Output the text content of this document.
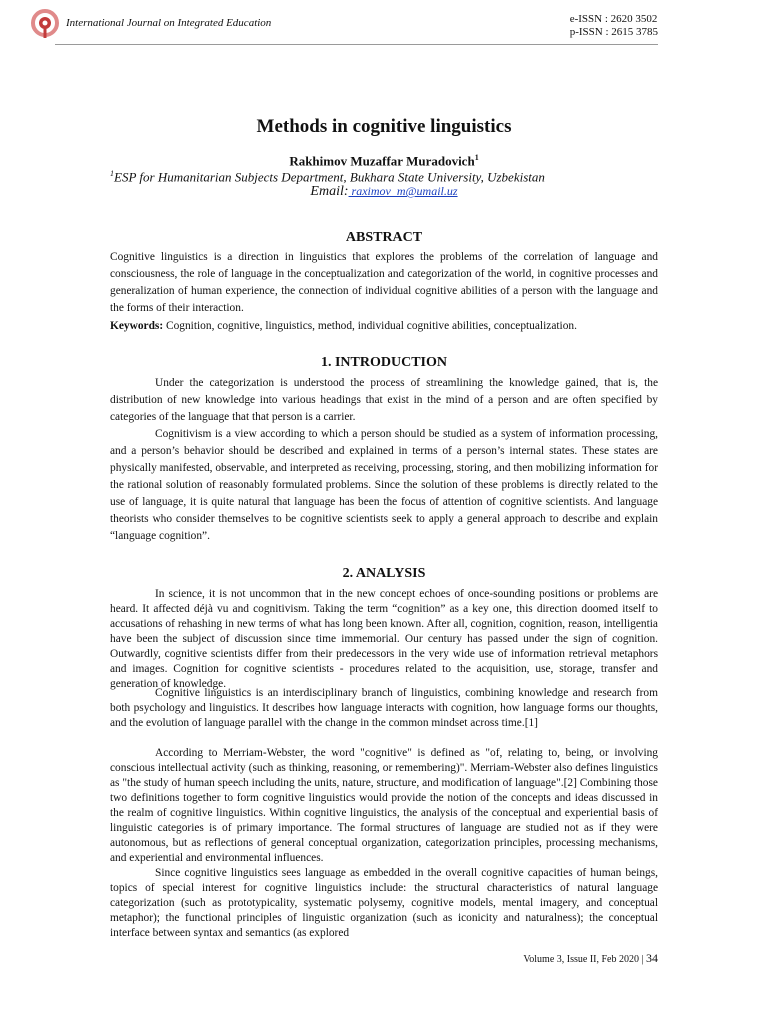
International Journal on Integrated Education	e-ISSN : 2620 3502
p-ISSN : 2615 3785
Methods in cognitive linguistics
Rakhimov Muzaffar Muradovich$^1$
$^1$ESP for Humanitarian Subjects Department, Bukhara State University, Uzbekistan
Email: raximov_m@umail.uz
ABSTRACT

Cognitive linguistics is a direction in linguistics that explores the problems of the correlation of language and consciousness, the role of language in the conceptualization and categorization of the world, in cognitive processes and generalization of human experience, the connection of individual cognitive abilities of a person with the language and the forms of their interaction.

Keywords: Cognition, cognitive, linguistics, method, individual cognitive abilities, conceptualization.

1. INTRODUCTION

Under the categorization is understood the process of streamlining the knowledge gained, that is, the distribution of new knowledge into various headings that exist in the mind of a person and are often specified by categories of the language that that person is a carrier.

Cognitivism is a view according to which a person should be studied as a system of information processing, and a person’s behavior should be described and explained in terms of a person’s internal states. These states are physically manifested, observable, and interpreted as receiving, processing, storing, and then mobilizing information for the rational solution of reasonably formulated problems. Since the solution of these problems is directly related to the use of language, it is quite natural that language has been the focus of attention of cognitive scientists. And language theorists who consider themselves to be cognitive scientists seek to apply a general approach to describe and explain “language cognition”.

2. ANALYSIS

In science, it is not uncommon that in the new concept echoes of once-sounding positions or problems are heard. It affected déjà vu and cognitivism. Taking the term “cognition” as a key one, this direction doomed itself to accusations of rehashing in new terms of what has long been known. After all, cognition, cognition, reason, intelligentia have been the subject of discussion since time immemorial. Our century has passed under the sign of cognition. Outwardly, cognitive scientists differ from their predecessors in the very wide use of information retrieval metaphors and images. Cognition for cognitive scientists - procedures related to the acquisition, use, storage, transfer and generation of knowledge.

Cognitive linguistics is an interdisciplinary branch of linguistics, combining knowledge and research from both psychology and linguistics. It describes how language interacts with cognition, how language forms our thoughts, and the evolution of language parallel with the change in the common mindset across time.[1]

According to Merriam-Webster, the word "cognitive" is defined as "of, relating to, being, or involving conscious intellectual activity (such as thinking, reasoning, or remembering)". Merriam-Webster also defines linguistics as "the study of human speech including the units, nature, structure, and modification of language".[2] Combining those two definitions together to form cognitive linguistics would provide the notion of the concepts and ideas discussed in the realm of cognitive linguistics. Within cognitive linguistics, the analysis of the conceptual and experiential basis of linguistic categories is of primary importance. The formal structures of language are studied not as if they were autonomous, but as reflections of general conceptual organization, categorization principles, processing mechanisms, and experiential and environmental influences.

Since cognitive linguistics sees language as embedded in the overall cognitive capacities of human beings, topics of special interest for cognitive linguistics include: the structural characteristics of natural language categorization (such as prototypicality, systematic polysemy, cognitive models, mental imagery, and conceptual metaphor); the functional principles of linguistic organization (such as iconicity and naturalness); the conceptual interface between syntax and semantics (as explored

Volume 3, Issue II, Feb 2020 | 34
